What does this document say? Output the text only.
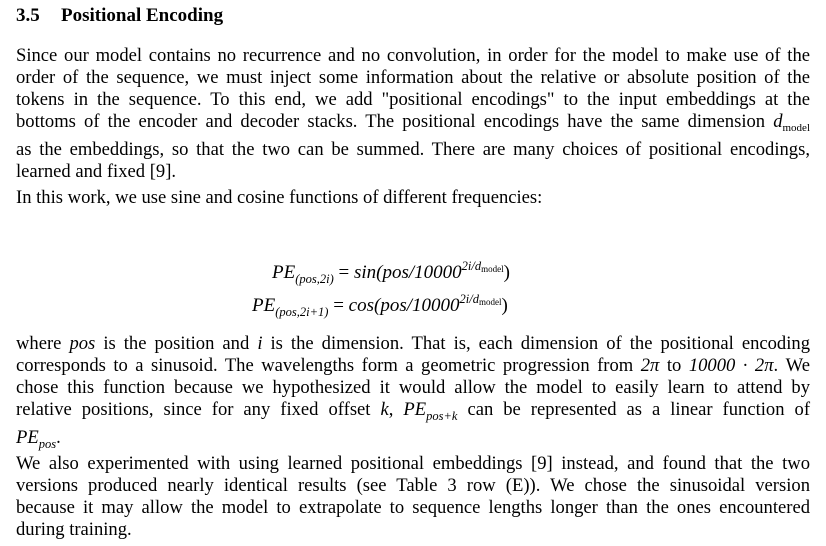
3.5 Positional Encoding
Since our model contains no recurrence and no convolution, in order for the model to make use of the
order of the sequence, we must inject some information about the relative or absolute position of the
tokens in the sequence. To this end, we add "positional encodings" to the input embeddings at the
bottoms of the encoder and decoder stacks. The positional encodings have the same dimension $d_{model}$
as the embeddings, so that the two can be summed. There are many choices of positional encodings,
learned and fixed [9].
In this work, we use sine and cosine functions of different frequencies:
$PE_{(pos,2i)} = \sin(pos/10000^{2i/dmodel})$
$PE_{(pos,2i+1)} = \cos(pos/10000^{2i/dmodel})$
where pos is the position and i is the dimension. That is, each dimension of the positional encoding
corresponds to a sinusoid. The wavelengths form a geometric progression from 2π to 10000 · 2π. We
chose this function because we hypothesized it would allow the model to easily learn to attend by
relative positions, since for any fixed offset k, $PE_{pos+k}$ can be represented as a linear function of
$PE_{pos}$.
We also experimented with using learned positional embeddings [9] instead, and found that the two
versions produced nearly identical results (see Table 3 row (E)). We chose the sinusoidal version
because it may allow the model to extrapolate to sequence lengths longer than the ones encountered
during training.
